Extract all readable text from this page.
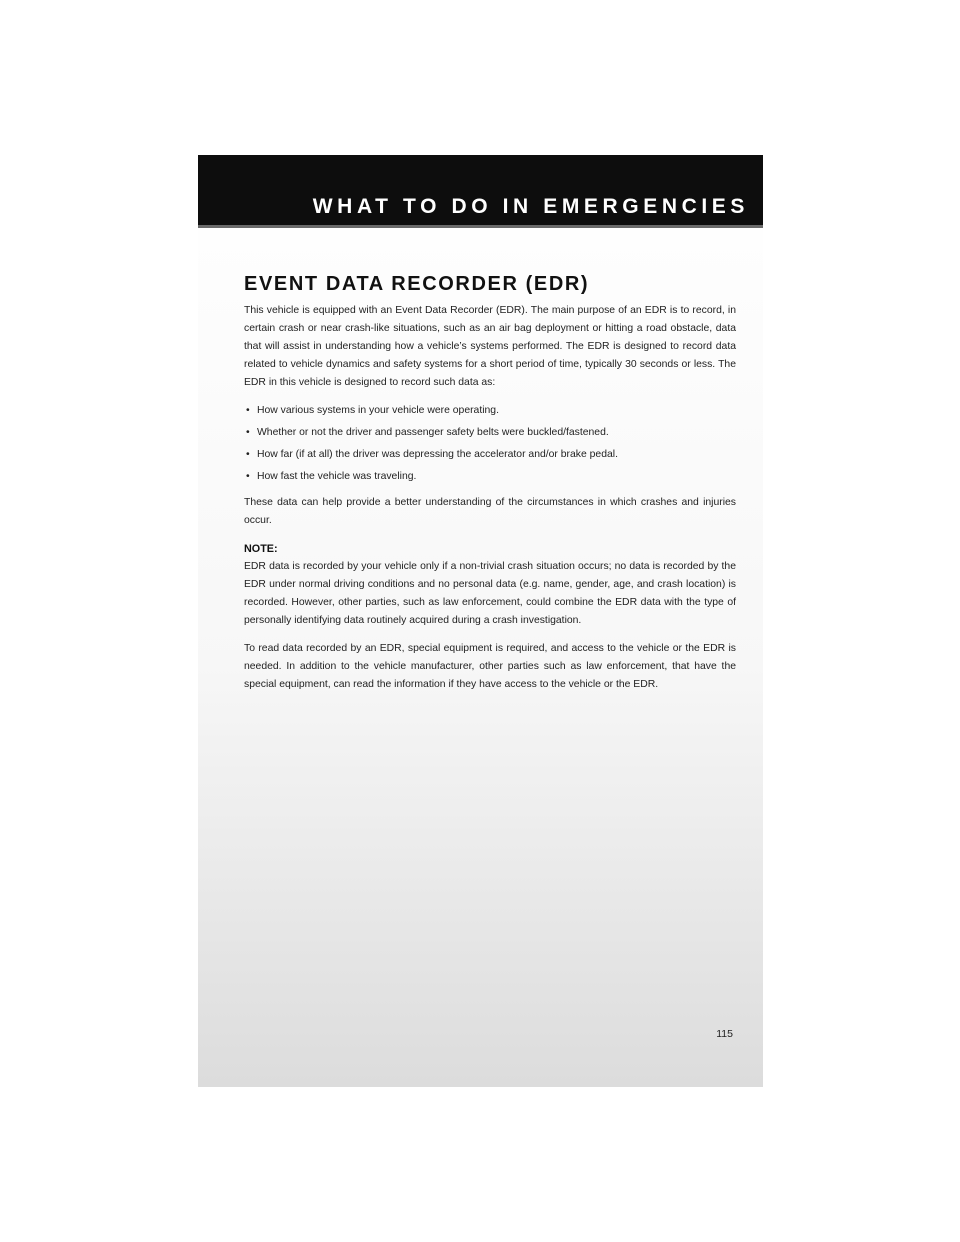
WHAT TO DO IN EMERGENCIES
EVENT DATA RECORDER (EDR)

This vehicle is equipped with an Event Data Recorder (EDR). The main purpose of an EDR is to record, in certain crash or near crash-like situations, such as an air bag deployment or hitting a road obstacle, data that will assist in understanding how a vehicle’s systems performed. The EDR is designed to record data related to vehicle dynamics and safety systems for a short period of time, typically 30 seconds or less. The EDR in this vehicle is designed to record such data as:

• How various systems in your vehicle were operating.
• Whether or not the driver and passenger safety belts were buckled/fastened.
• How far (if at all) the driver was depressing the accelerator and/or brake pedal.
• How fast the vehicle was traveling.

These data can help provide a better understanding of the circumstances in which crashes and injuries occur.

NOTE:

EDR data is recorded by your vehicle only if a non-trivial crash situation occurs; no data is recorded by the EDR under normal driving conditions and no personal data (e.g. name, gender, age, and crash location) is recorded. However, other parties, such as law enforcement, could combine the EDR data with the type of personally identifying data routinely acquired during a crash investigation.

To read data recorded by an EDR, special equipment is required, and access to the vehicle or the EDR is needed. In addition to the vehicle manufacturer, other parties such as law enforcement, that have the special equipment, can read the information if they have access to the vehicle or the EDR.

115
